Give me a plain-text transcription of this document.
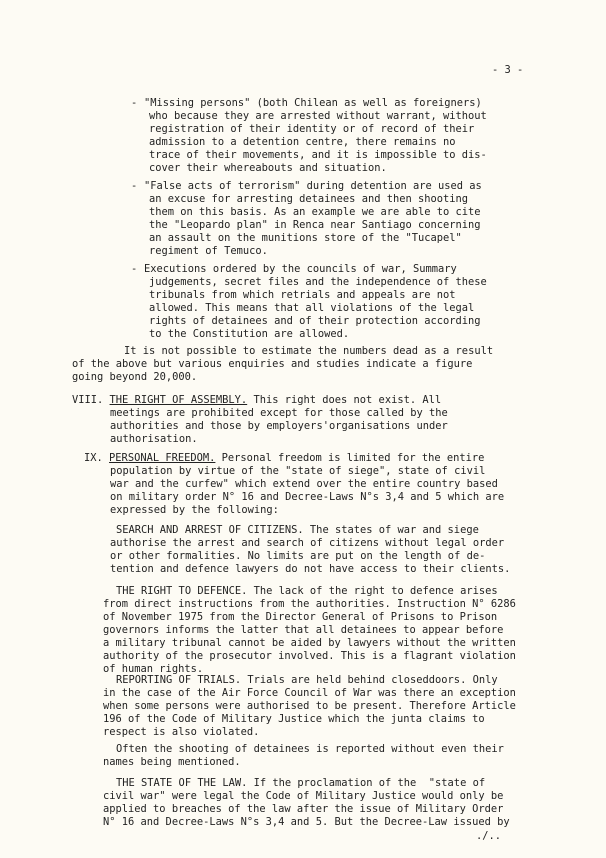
- 3 -
- "Missing persons" (both Chilean as well as foreigners)
who because they are arrested without warrant, without
registration of their identity or of record of their
admission to a detention centre, there remains no
trace of their movements, and it is impossible to dis-
cover their whereabouts and situation.
- "False acts of terrorism" during detention are used as
an excuse for arresting detainees and then shooting
them on this basis. As an example we are able to cite
the "Leopardo plan" in Renca near Santiago concerning
an assault on the munitions store of the "Tucapel"
regiment of Temuco.
- Executions ordered by the councils of war, Summary
judgements, secret files and the independence of these
tribunals from which retrials and appeals are not
allowed. This means that all violations of the legal
rights of detainees and of their protection according
to the Constitution are allowed.
It is not possible to estimate the numbers dead as a result
of the above but various enquiries and studies indicate a figure
going beyond 20,000.
VIII. THE RIGHT OF ASSEMBLY. This right does not exist. All
meetings are prohibited except for those called by the
authorities and those by employers'organisations under
authorisation.
IX. PERSONAL FREEDOM. Personal freedom is limited for the entire
population by virtue of the "state of siege", state of civil
war and the curfew" which extend over the entire country based
on military order N° 16 and Decree-Laws N°s 3,4 and 5 which are
expressed by the following:
SEARCH AND ARREST OF CITIZENS. The states of war and siege
authorise the arrest and search of citizens without legal order
or other formalities. No limits are put on the length of de-
tention and defence lawyers do not have access to their clients.
THE RIGHT TO DEFENCE. The lack of the right to defence arises
from direct instructions from the authorities. Instruction N° 6286
of November 1975 from the Director General of Prisons to Prison
governors informs the latter that all detainees to appear before
a military tribunal cannot be aided by lawyers without the written
authority of the prosecutor involved. This is a flagrant violation
of human rights.
REPORTING OF TRIALS. Trials are held behind closeddoors. Only
in the case of the Air Force Council of War was there an exception
when some persons were authorised to be present. Therefore Article
196 of the Code of Military Justice which the junta claims to
respect is also violated.
Often the shooting of detainees is reported without even their
names being mentioned.
THE STATE OF THE LAW. If the proclamation of the  "state of
civil war" were legal the Code of Military Justice would only be
applied to breaches of the law after the issue of Military Order
N° 16 and Decree-Laws N°s 3,4 and 5. But the Decree-Law issued by
./..
